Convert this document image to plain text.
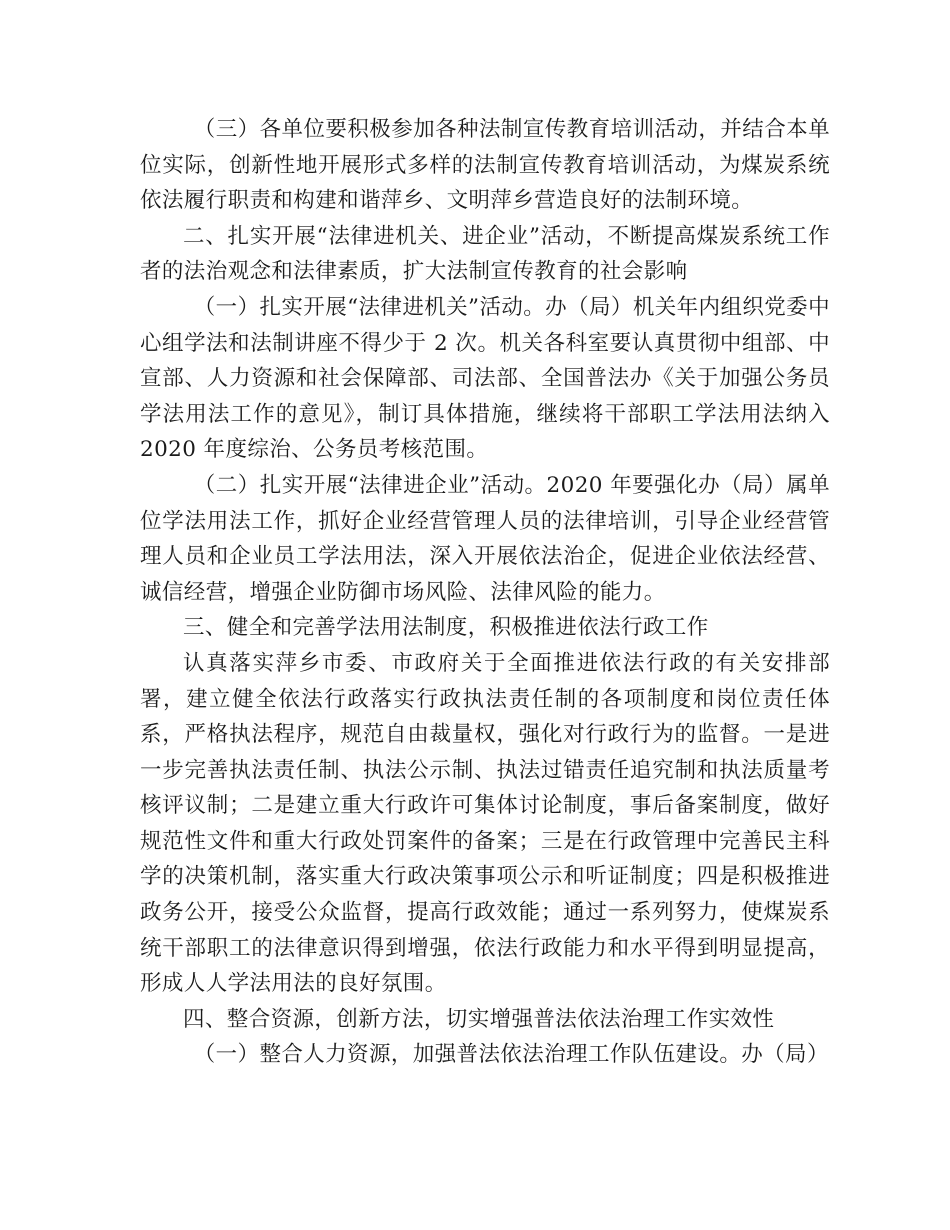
（三）各单位要积极参加各种法制宣传教育培训活动，并结合本单位实际，创新性地开展形式多样的法制宣传教育培训活动，为煤炭系统依法履行职责和构建和谐萍乡、文明萍乡营造良好的法制环境。

二、扎实开展“法律进机关、进企业”活动，不断提高煤炭系统工作者的法治观念和法律素质，扩大法制宣传教育的社会影响

（一）扎实开展“法律进机关”活动。办（局）机关年内组织党委中心组学法和法制讲座不得少于 2 次。机关各科室要认真贯彻中组部、中宣部、人力资源和社会保障部、司法部、全国普法办《关于加强公务员学法用法工作的意见》，制订具体措施，继续将干部职工学法用法纳入 2020 年度综治、公务员考核范围。

（二）扎实开展“法律进企业”活动。2020 年要强化办（局）属单位学法用法工作，抓好企业经营管理人员的法律培训，引导企业经营管理人员和企业员工学法用法，深入开展依法治企，促进企业依法经营、诚信经营，增强企业防御市场风险、法律风险的能力。

三、健全和完善学法用法制度，积极推进依法行政工作

认真落实萍乡市委、市政府关于全面推进依法行政的有关安排部署，建立健全依法行政落实行政执法责任制的各项制度和岗位责任体系，严格执法程序，规范自由裁量权，强化对行政行为的监督。一是进一步完善执法责任制、执法公示制、执法过错责任追究制和执法质量考核评议制；二是建立重大行政许可集体讨论制度，事后备案制度，做好规范性文件和重大行政处罚案件的备案；三是在行政管理中完善民主科学的决策机制，落实重大行政决策事项公示和听证制度；四是积极推进政务公开，接受公众监督，提高行政效能；通过一系列努力，使煤炭系统干部职工的法律意识得到增强，依法行政能力和水平得到明显提高，形成人人学法用法的良好氛围。

四、整合资源，创新方法，切实增强普法依法治理工作实效性

（一）整合人力资源，加强普法依法治理工作队伍建设。办（局）
